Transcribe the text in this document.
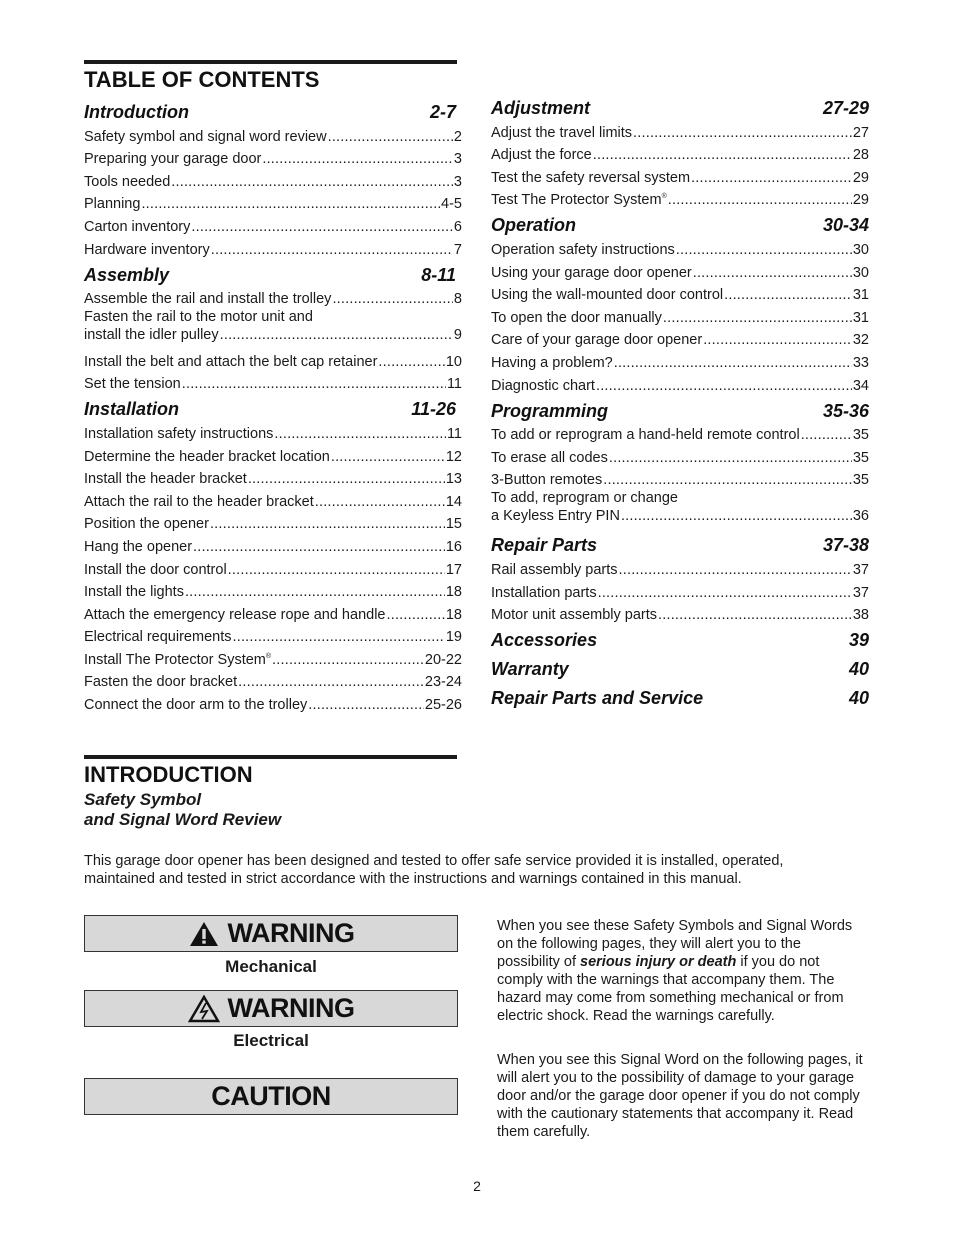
TABLE OF CONTENTS
Introduction	2-7
Safety symbol and signal word review .....	2
Preparing your garage door .....	3
Tools needed .....	3
Planning .....	4-5
Carton inventory .....	6
Hardware inventory .....	7
Assembly	8-11
Assemble the rail and install the trolley .....	8
Fasten the rail to the motor unit and
install the idler pulley .....	9
Install the belt and attach the belt cap retainer .....	10
Set the tension .....	11
Installation	11-26
Installation safety instructions .....	11
Determine the header bracket location .....	12
Install the header bracket .....	13
Attach the rail to the header bracket .....	14
Position the opener .....	15
Hang the opener .....	16
Install the door control .....	17
Install the lights .....	18
Attach the emergency release rope and handle .....	18
Electrical requirements .....	19
Install The Protector System® .....	20-22
Fasten the door bracket .....	23-24
Connect the door arm to the trolley .....	25-26
Adjustment	27-29
Adjust the travel limits .....	27
Adjust the force .....	28
Test the safety reversal system .....	29
Test The Protector System® .....	29
Operation	30-34
Operation safety instructions .....	30
Using your garage door opener .....	30
Using the wall-mounted door control .....	31
To open the door manually .....	31
Care of your garage door opener .....	32
Having a problem? .....	33
Diagnostic chart .....	34
Programming	35-36
To add or reprogram a hand-held remote control .....	35
To erase all codes .....	35
3-Button remotes .....	35
To add, reprogram or change
a Keyless Entry PIN .....	36
Repair Parts	37-38
Rail assembly parts .....	37
Installation parts .....	37
Motor unit assembly parts .....	38
Accessories	39
Warranty	40
Repair Parts and Service	40
INTRODUCTION
Safety Symbol
and Signal Word Review
This garage door opener has been designed and tested to offer safe service provided it is installed, operated, maintained and tested in strict accordance with the instructions and warnings contained in this manual.
WARNING
Mechanical
WARNING
Electrical
CAUTION
When you see these Safety Symbols and Signal Words on the following pages, they will alert you to the possibility of serious injury or death if you do not comply with the warnings that accompany them. The hazard may come from something mechanical or from electric shock. Read the warnings carefully.
When you see this Signal Word on the following pages, it will alert you to the possibility of damage to your garage door and/or the garage door opener if you do not comply with the cautionary statements that accompany it. Read them carefully.
2
